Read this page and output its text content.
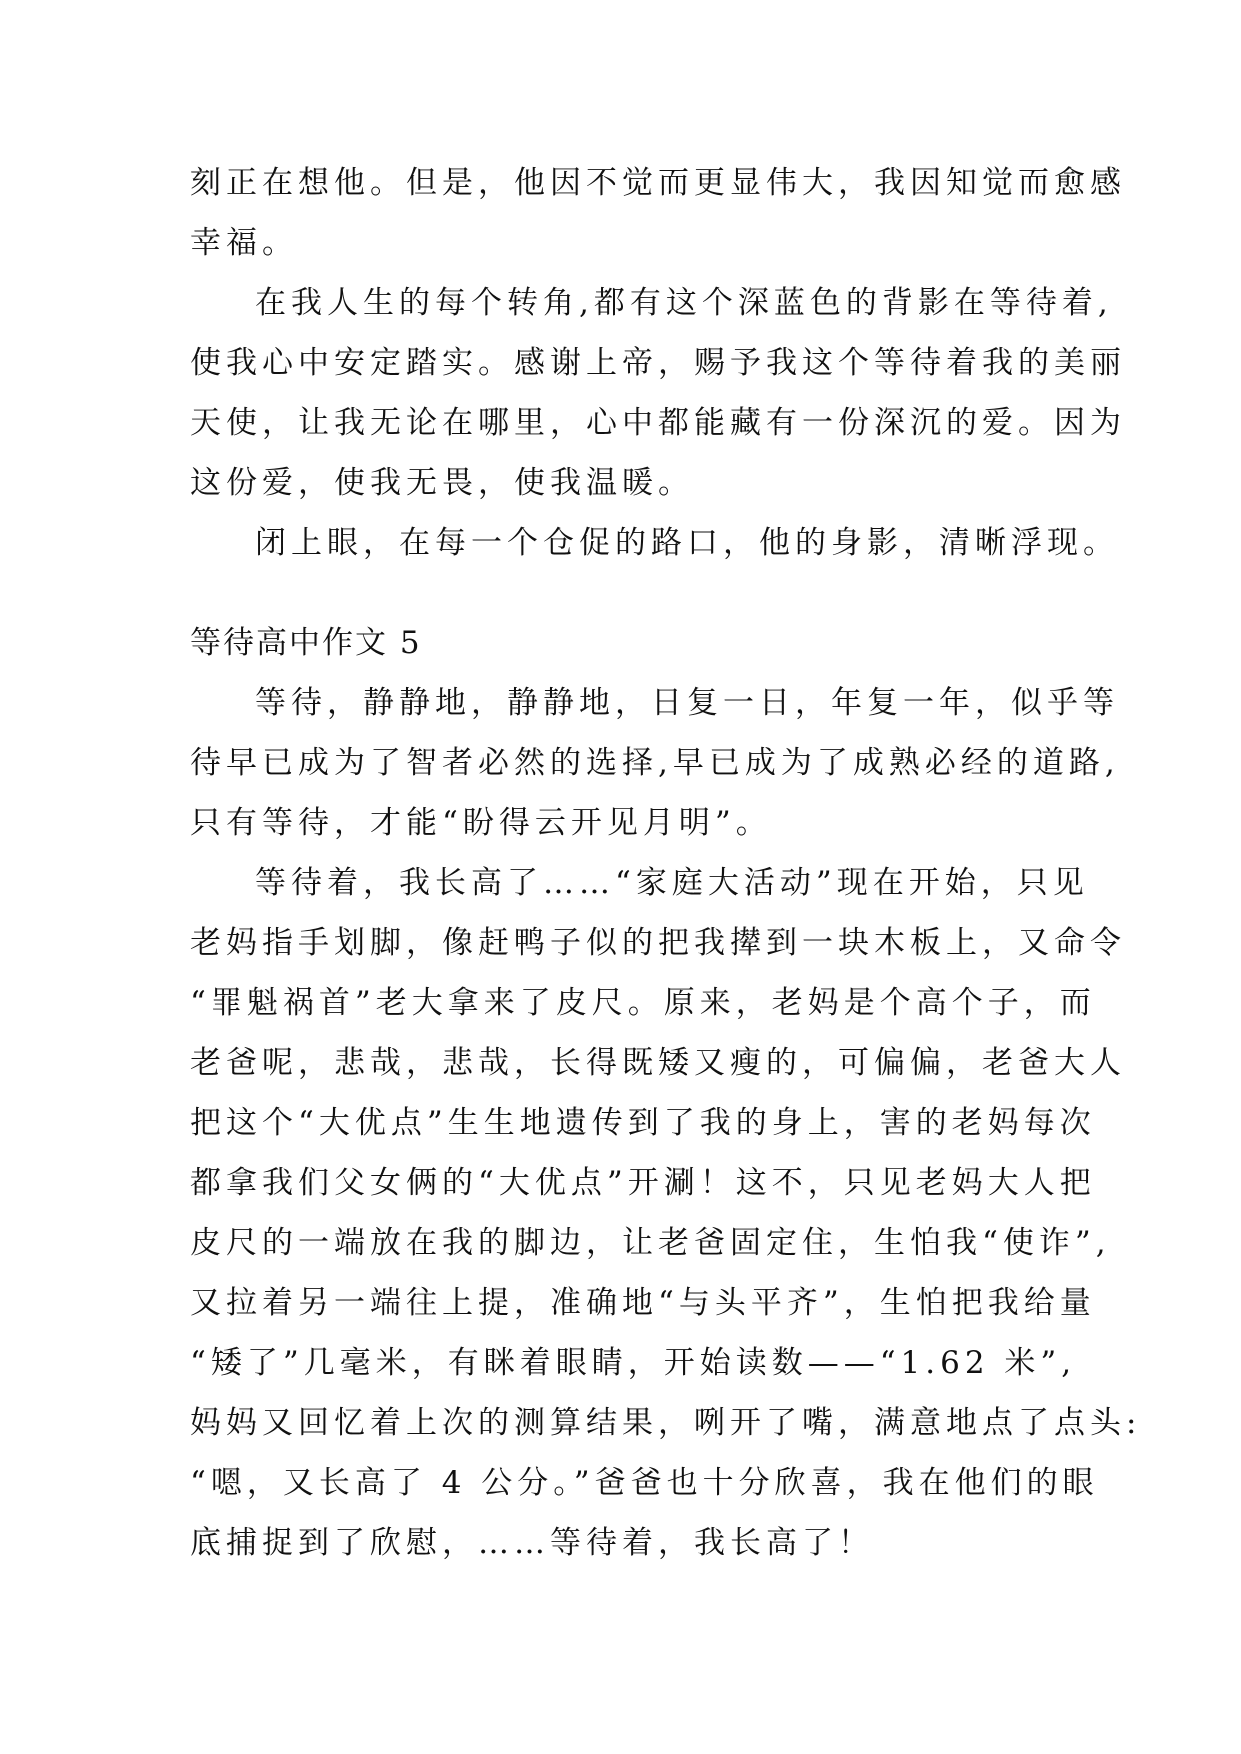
刻正在想他。但是，他因不觉而更显伟大，我因知觉而愈感
幸福。
在我人生的每个转角,都有这个深蓝色的背影在等待着,
使我心中安定踏实。感谢上帝，赐予我这个等待着我的美丽
天使，让我无论在哪里，心中都能藏有一份深沉的爱。因为
这份爱，使我无畏，使我温暖。
闭上眼，在每一个仓促的路口，他的身影，清晰浮现。
等待高中作文 5
等待，静静地，静静地，日复一日，年复一年，似乎等
待早已成为了智者必然的选择,早已成为了成熟必经的道路,
只有等待，才能“盼得云开见月明”。
等待着，我长高了……“家庭大活动”现在开始，只见
老妈指手划脚，像赶鸭子似的把我撵到一块木板上，又命令
“罪魁祸首”老大拿来了皮尺。原来，老妈是个高个子，而
老爸呢，悲哉，悲哉，长得既矮又瘦的，可偏偏，老爸大人
把这个“大优点”生生地遗传到了我的身上，害的老妈每次
都拿我们父女俩的“大优点”开涮！这不，只见老妈大人把
皮尺的一端放在我的脚边，让老爸固定住，生怕我“使诈”,
又拉着另一端往上提，准确地“与头平齐”，生怕把我给量
“矮了”几毫米，有眯着眼睛，开始读数——“1.62 米”,
妈妈又回忆着上次的测算结果，咧开了嘴，满意地点了点头:
“嗯，又长高了 4 公分。”爸爸也十分欣喜，我在他们的眼
底捕捉到了欣慰，……等待着，我长高了！
